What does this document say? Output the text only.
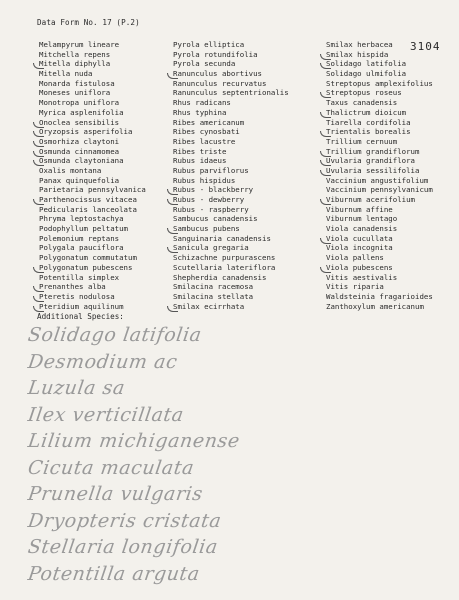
Data Form No. 17 (P.2)
3104
Melampyrum lineare
Mitchella repens
Mitella diphylla
Mitella nuda
Monarda fistulosa
Moneses uniflora
Monotropa uniflora
Myrica asplenifolia
Onoclea sensibilis
Oryzopsis asperifolia
Osmorhiza claytoni
Osmunda cinnamomea
Osmunda claytoniana
Oxalis montana
Panax quinquefolia
Parietaria pennsylvanica
Parthenocissus vitacea
Pedicularis lanceolata
Phryma leptostachya
Podophyllum peltatum
Polemonium reptans
Polygala pauciflora
Polygonatum commutatum
Polygonatum pubescens
Potentilla simplex
Prenanthes alba
Pteretis nodulosa
Pteridium aquilinum
Pyrola elliptica
Pyrola rotundifolia
Pyrola secunda
Ranunculus abortivus
Ranunculus recurvatus
Ranunculus septentrionalis
Rhus radicans
Rhus typhina
Ribes americanum
Ribes cynosbati
Ribes lacustre
Ribes triste
Rubus idaeus
Rubus parviflorus
Rubus hispidus
Rubus - blackberry
Rubus - dewberry
Rubus - raspberry
Sambucus canadensis
Sambucus pubens
Sanguinaria canadensis
Sanicula gregaria
Schizachne purpurascens
Scutellaria lateriflora
Shepherdia canadensis
Smilacina racemosa
Smilacina stellata
Smilax ecirrhata
Smilax herbacea
Smilax hispida
Solidago latifolia
Solidago ulmifolia
Streptopus amplexifolius
Streptopus roseus
Taxus canadensis
Thalictrum dioicum
Tiarella cordifolia
Trientalis borealis
Trillium cernuum
Trillium grandiflorum
Uvularia grandiflora
Uvularia sessilifolia
Vaccinium angustifolium
Vaccinium pennsylvanicum
Viburnum acerifolium
Viburnum affine
Viburnum lentago
Viola canadensis
Viola cucullata
Viola incognita
Viola pallens
Viola pubescens
Vitis aestivalis
Vitis riparia
Waldsteinia fragarioides
Zanthoxylum americanum
Additional Species:
Solidago latifolia
Desmodium ac
Luzula sa
Ilex verticillata
Lilium michiganense
Cicuta maculata
Prunella vulgaris
Dryopteris cristata
Stellaria longifolia
Potentilla arguta
